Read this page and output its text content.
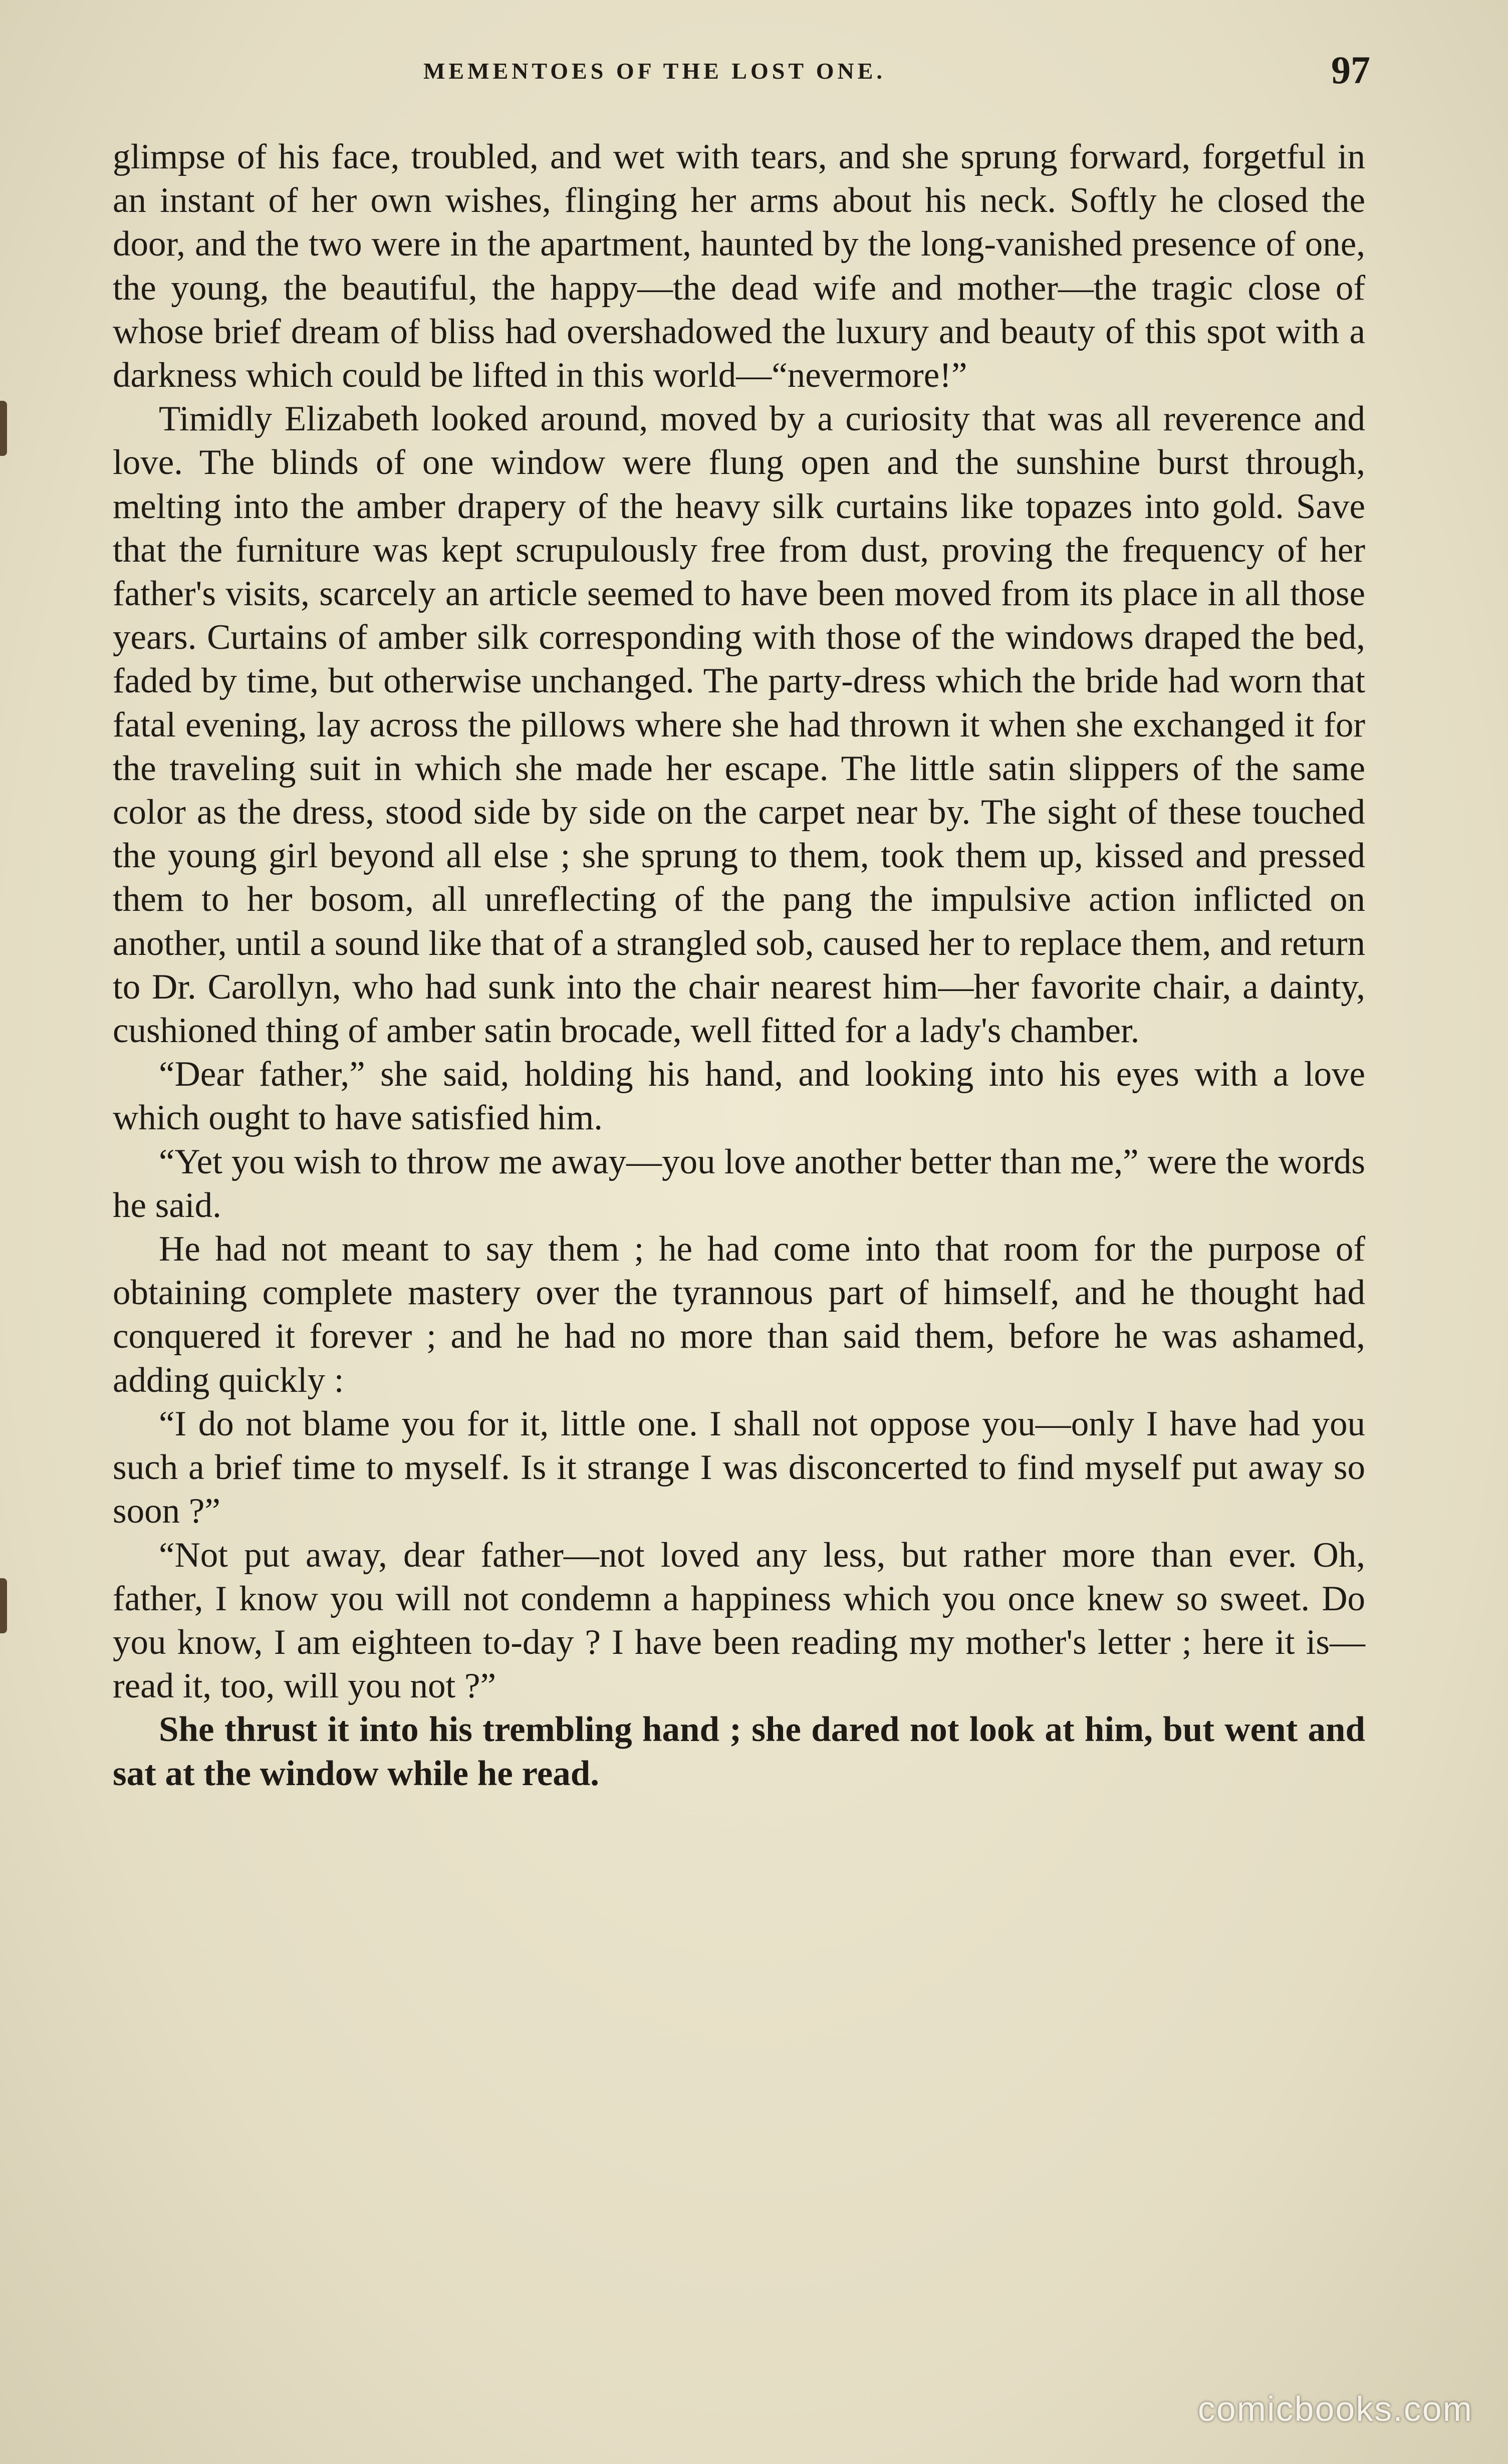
MEMENTOES OF THE LOST ONE.	97

glimpse of his face, troubled, and wet with tears, and she sprung forward, forgetful in an instant of her own wishes, flinging her arms about his neck. Softly he closed the door, and the two were in the apartment, haunted by the long-vanished presence of one, the young, the beautiful, the happy—the dead wife and mother—the tragic close of whose brief dream of bliss had overshadowed the luxury and beauty of this spot with a darkness which could be lifted in this world—“nevermore!”

Timidly Elizabeth looked around, moved by a curiosity that was all reverence and love. The blinds of one window were flung open and the sunshine burst through, melting into the amber drapery of the heavy silk curtains like topazes into gold. Save that the furniture was kept scrupulously free from dust, proving the frequency of her father's visits, scarcely an article seemed to have been moved from its place in all those years. Curtains of amber silk corresponding with those of the windows draped the bed, faded by time, but otherwise unchanged. The party-dress which the bride had worn that fatal evening, lay across the pillows where she had thrown it when she exchanged it for the traveling suit in which she made her escape. The little satin slippers of the same color as the dress, stood side by side on the carpet near by. The sight of these touched the young girl beyond all else ; she sprung to them, took them up, kissed and pressed them to her bosom, all unreflecting of the pang the impulsive action inflicted on another, until a sound like that of a strangled sob, caused her to replace them, and return to Dr. Carollyn, who had sunk into the chair nearest him—her favorite chair, a dainty, cushioned thing of amber satin brocade, well fitted for a lady's chamber.

“Dear father,” she said, holding his hand, and looking into his eyes with a love which ought to have satisfied him.

“Yet you wish to throw me away—you love another better than me,” were the words he said.

He had not meant to say them ; he had come into that room for the purpose of obtaining complete mastery over the tyrannous part of himself, and he thought had conquered it forever ; and he had no more than said them, before he was ashamed, adding quickly :

“I do not blame you for it, little one. I shall not oppose you—only I have had you such a brief time to myself. Is it strange I was disconcerted to find myself put away so soon ?”

“Not put away, dear father—not loved any less, but rather more than ever. Oh, father, I know you will not condemn a happiness which you once knew so sweet. Do you know, I am eighteen to-day ? I have been reading my mother's letter ; here it is—read it, too, will you not ?”

She thrust it into his trembling hand ; she dared not look at him, but went and sat at the window while he read.

comicbooks.com
